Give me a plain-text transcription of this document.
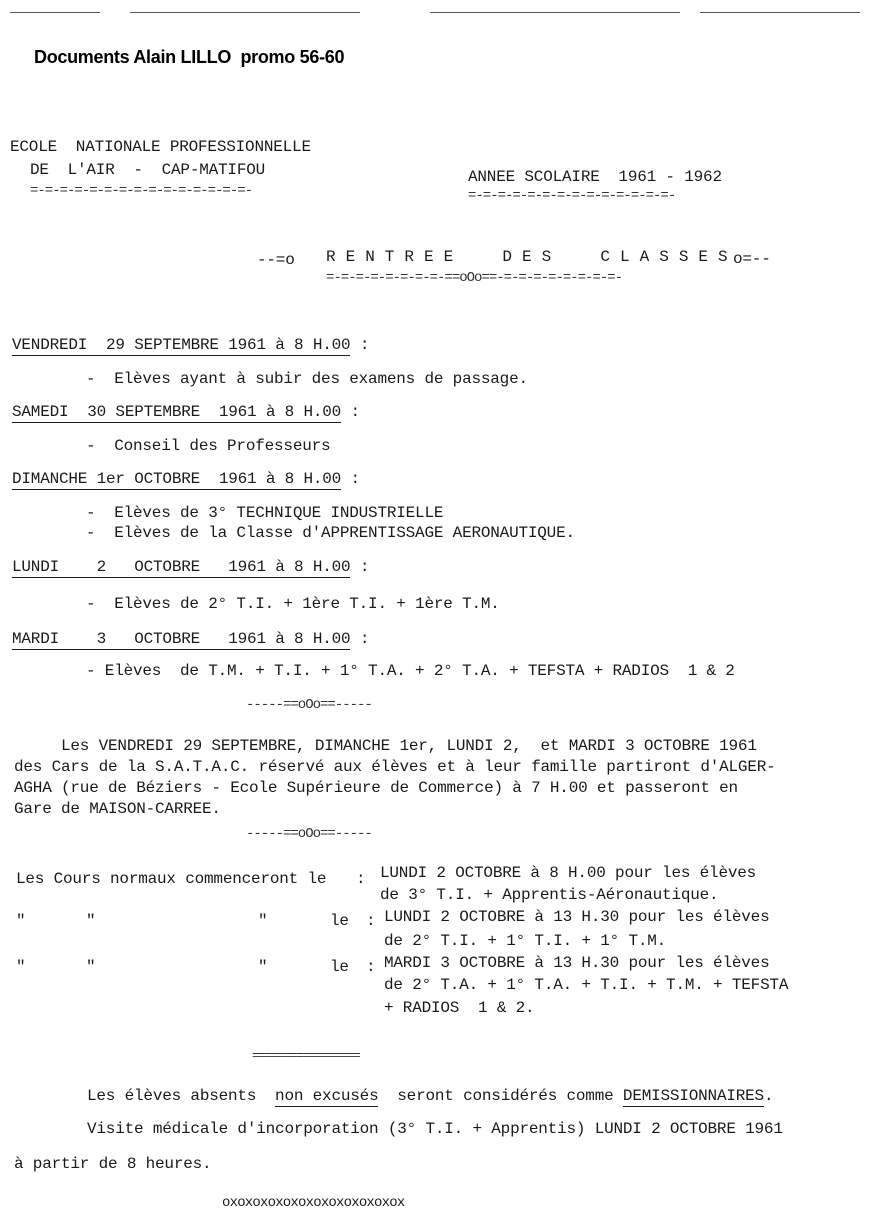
Documents Alain LILLO  promo 56-60
ECOLE  NATIONALE PROFESSIONNELLE
DE  L'AIR  -  CAP-MATIFOU
=-=-=-=-=-=-=-=-=-=-=-=-=-=-=-
ANNEE SCOLAIRE  1961 - 1962
=-=-=-=-=-=-=-=-=-=-=-=-=-=-
--=o RENTREE  DES  CLASSES
o=--
=-=-=-=-=-=-=-=-==oOo==-=-=-=-=-=-=-=-=-
VENDREDI  29 SEPTEMBRE 1961 à 8 H.00 :
-  Elèves ayant à subir des examens de passage.
SAMEDI  30 SEPTEMBRE  1961 à 8 H.00 :
-  Conseil des Professeurs
DIMANCHE 1er OCTOBRE  1961 à 8 H.00 :
-  Elèves de 3° TECHNIQUE INDUSTRIELLE
-  Elèves de la Classe d'APPRENTISSAGE AERONAUTIQUE.
LUNDI    2   OCTOBRE   1961 à 8 H.00 :
-  Elèves de 2° T.I. + 1ère T.I. + 1ère T.M.
MARDI    3   OCTOBRE   1961 à 8 H.00 :
- Elèves  de T.M. + T.I. + 1° T.A. + 2° T.A. + TEFSTA + RADIOS  1 & 2
-----==oOo==-----
Les VENDREDI 29 SEPTEMBRE, DIMANCHE 1er, LUNDI 2,  et MARDI 3 OCTOBRE 1961
des Cars de la S.A.T.A.C. réservé aux élèves et à leur famille partiront d'ALGER-
AGHA (rue de Béziers - Ecole Supérieure de Commerce) à 7 H.00 et passeront en
Gare de MAISON-CARREE.
-----==oOo==-----
Les Cours normaux commenceront le : LUNDI 2 OCTOBRE à 8 H.00 pour les élèves
de 3° T.I. + Apprentis-Aéronautique.
"	"	"	le : LUNDI 2 OCTOBRE à 13 H.30 pour les élèves
de 2° T.I. + 1° T.I. + 1° T.M.
"	"	"	le : MARDI 3 OCTOBRE à 13 H.30 pour les élèves
de 2° T.A. + 1° T.A. + T.I. + T.M. + TEFSTA
+ RADIOS  1 & 2.
=================
Les élèves absents  non excusés  seront considérés comme DEMISSIONNAIRES.
Visite médicale d'incorporation (3° T.I. + Apprentis) LUNDI 2 OCTOBRE 1961
à partir de 8 heures.
oxoxoxoxoxoxoxoxoxoxoxox
